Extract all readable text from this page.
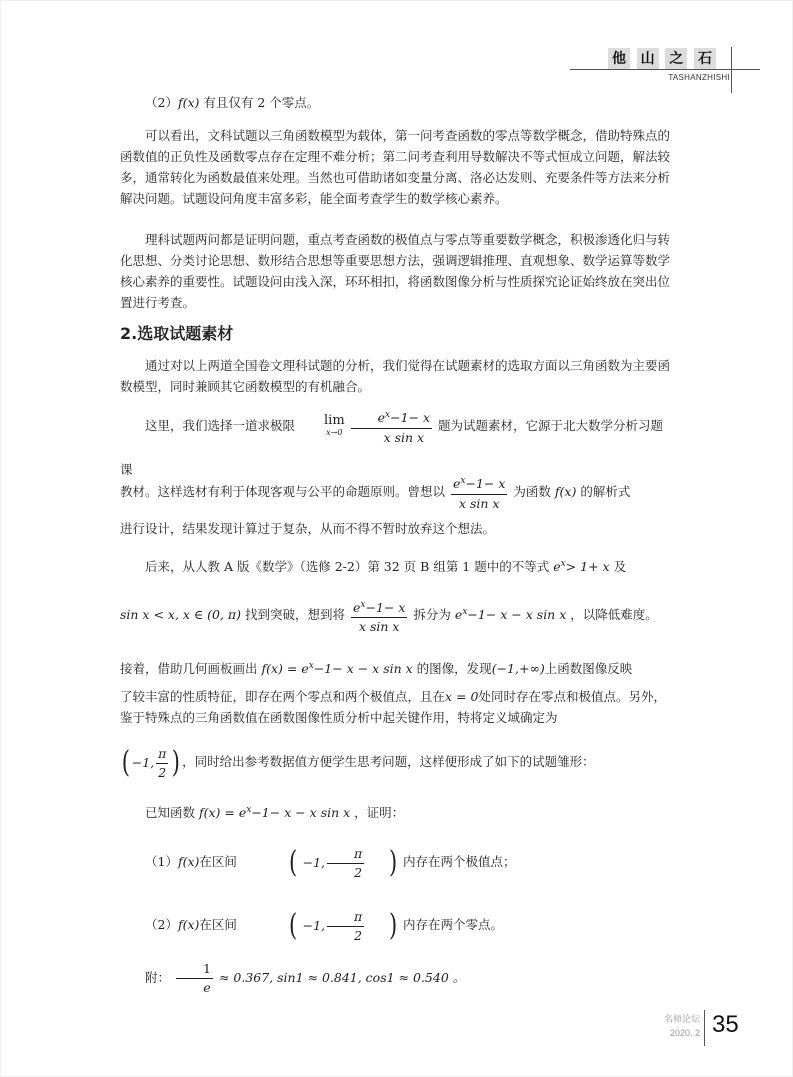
他 山 之 石
TASHANZHISHI
（2）f(x) 有且仅有 2 个零点。
可以看出，文科试题以三角函数模型为载体，第一问考查函数的零点等数学概念，借助特殊点的函数值的正负性及函数零点存在定理不难分析；第二问考查利用导数解决不等式恒成立问题，解法较多，通常转化为函数最值来处理。当然也可借助诸如变量分离、洛必达发则、充要条件等方法来分析解决问题。试题设问角度丰富多彩，能全面考查学生的数学核心素养。
理科试题两问都是证明问题，重点考查函数的极值点与零点等重要数学概念，积极渗透化归与转化思想、分类讨论思想、数形结合思想等重要思想方法，强调逻辑推理、直观想象、数学运算等数学核心素养的重要性。试题设问由浅入深，环环相扣，将函数图像分析与性质探究论证始终放在突出位置进行考查。
2.选取试题素材
通过对以上两道全国卷文理科试题的分析，我们觉得在试题素材的选取方面以三角函数为主要函数模型，同时兼顾其它函数模型的有机融合。
这里，我们选择一道求极限	lim
x→0
$\frac{e^x-1- x}{\text{x sin x}}$ 题为试题素材，它源于北大数学分析习题课
教材。这样选材有利于体现客观与公平的命题原则。曾想以 $\frac{e^x-1- x}{\text{x sin x}}$ 为函数 f(x) 的解析式
进行设计，结果发现计算过于复杂，从而不得不暂时放弃这个想法。
后来，从人教 A 版《数学》（选修 2-2）第 32 页 B 组第 1 题中的不等式 $e^x> 1+ x$ 及
sin x < x, x ∈ (0, π) 找到突破，想到将 $\frac{e^x-1- x}{\text{x sin x}}$ 拆分为 $e^x-1- x - x$ sin x ，以降低难度。
接着，借助几何画板画出 $f(x) = e^x-1- x - x$ sin x 的图像，发现(−1,+∞)上函数图像反映
了较丰富的性质特征，即存在两个零点和两个极值点，且在x = 0处同时存在零点和极值点。另外，鉴于特殊点的三角函数值在函数图像性质分析中起关键作用，特将定义域确定为
( −1, $\frac{\pi}{2}$ ) ，同时给出参考数据值方便学生思考问题，这样便形成了如下的试题雏形：
已知函数 $f(x) = e^x-1- x - x$ sin x ，证明：
（1）f(x)在区间 ( −1, $\frac{\pi}{2}$ ) 内存在两个极值点；
（2）f(x)在区间 ( −1, $\frac{\pi}{2}$ ) 内存在两个零点。
附： $\frac{1}{e} \approx 0.367$, sin1 ≈ 0.841, cos1 ≈ 0.540 。
名师论坛
2020. 2 35
